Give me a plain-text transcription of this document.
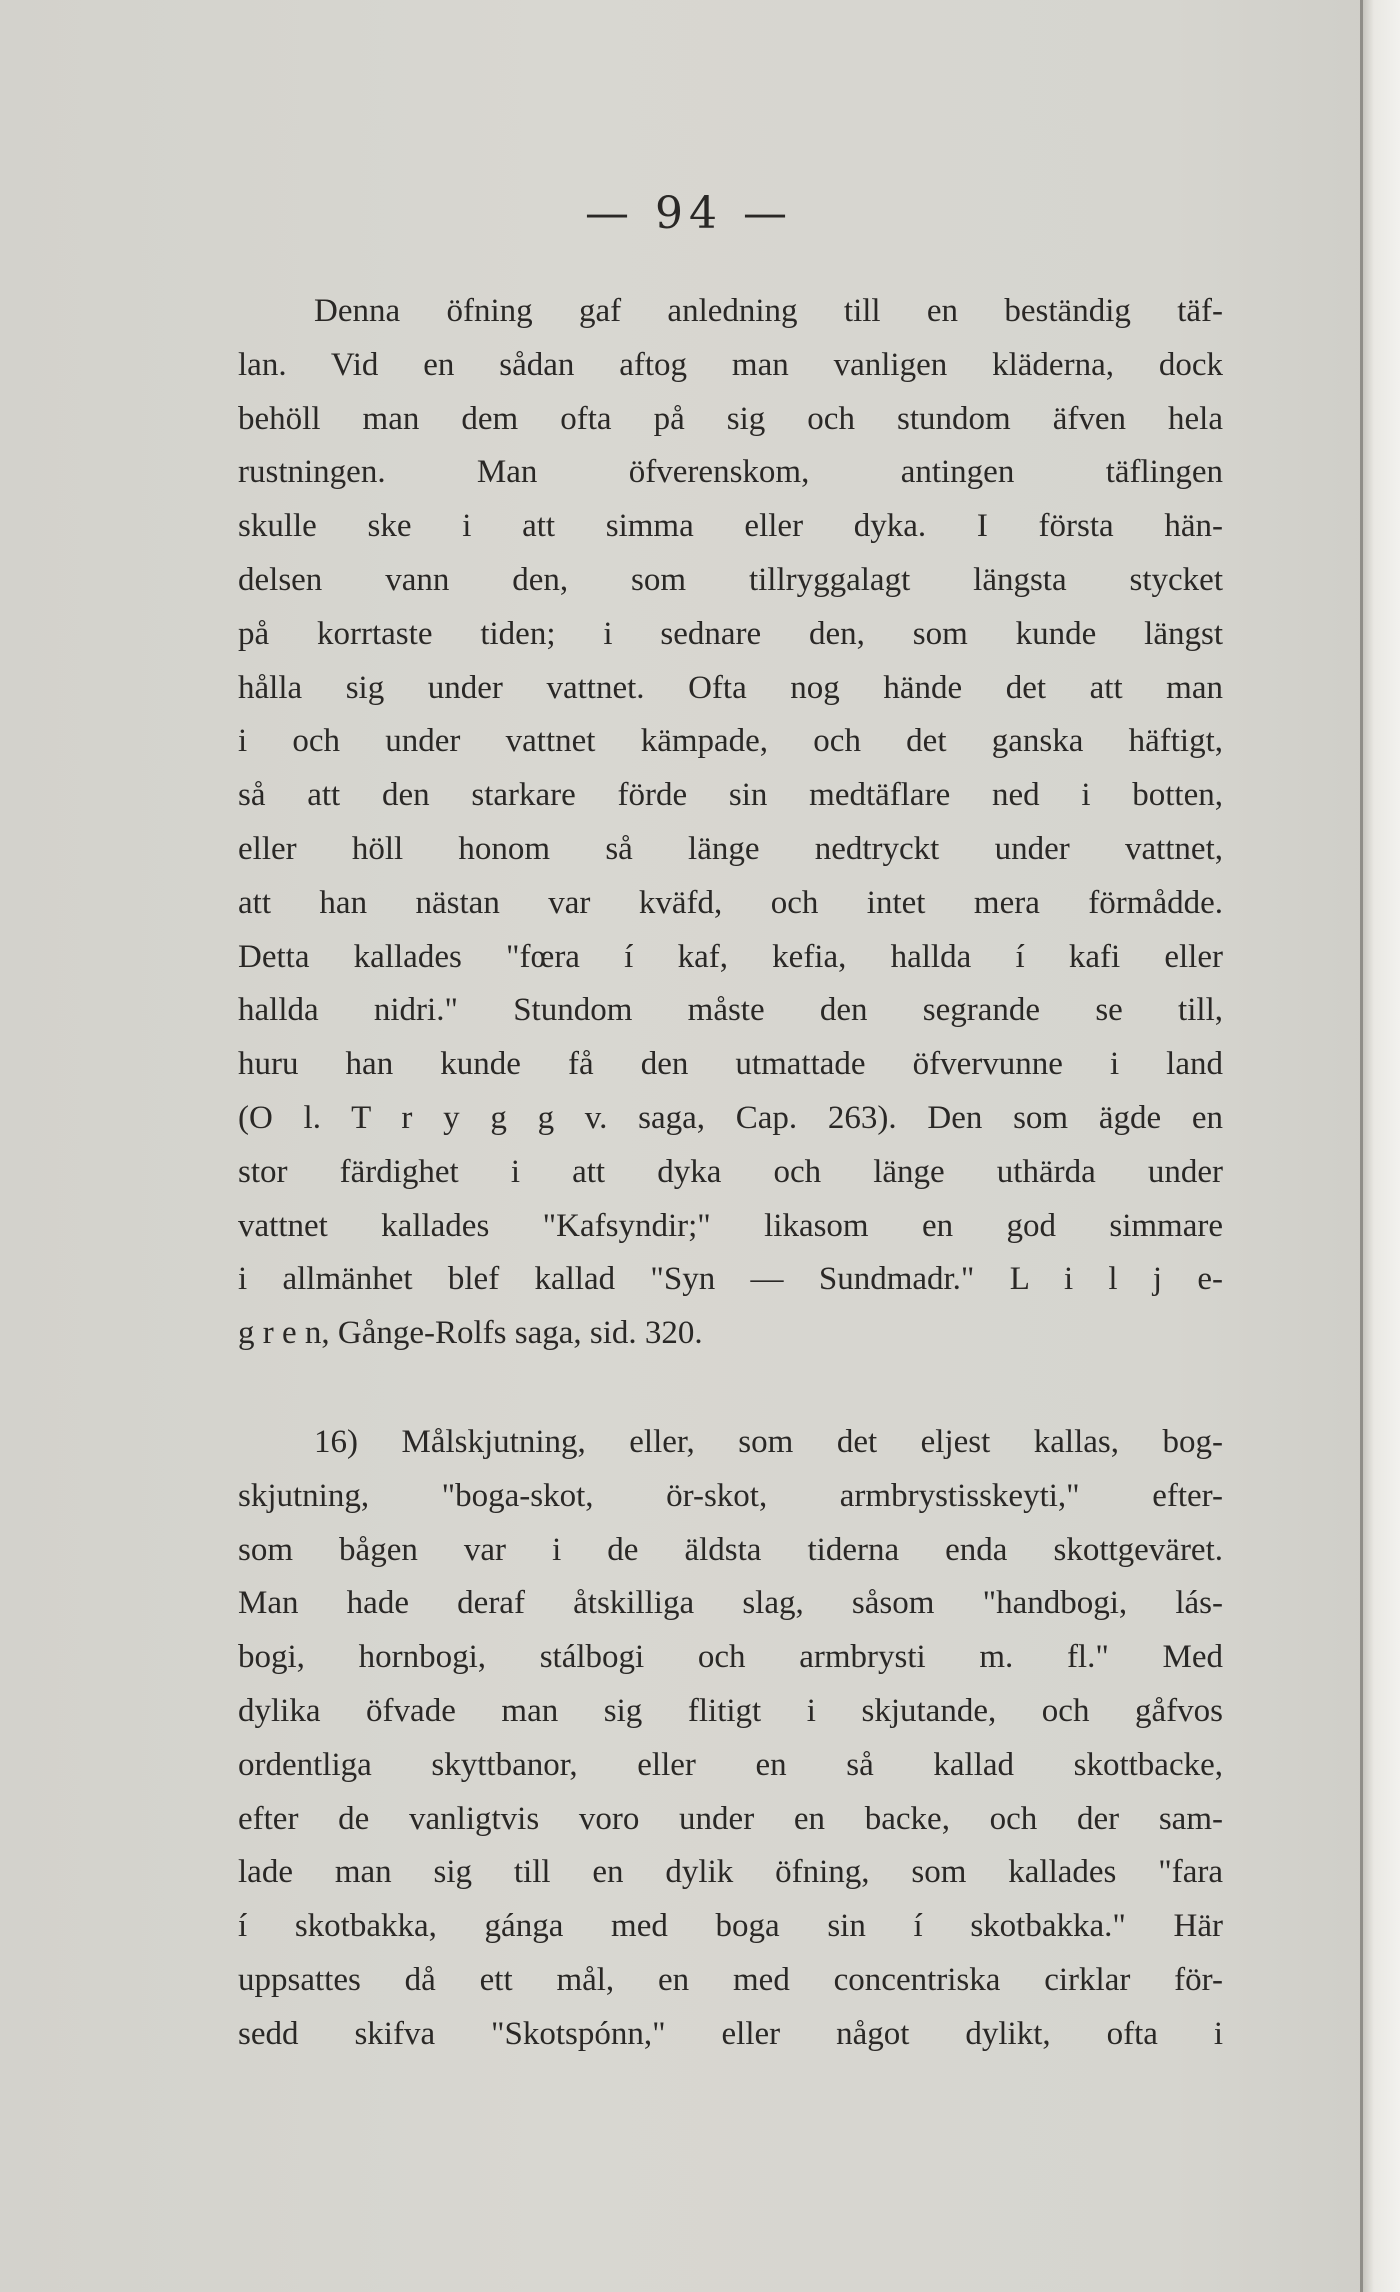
— 94 —
Denna öfning gaf anledning till en beständig täf-
lan. Vid en sådan aftog man vanligen kläderna, dock
behöll man dem ofta på sig och stundom äfven hela
rustningen. Man öfverenskom, antingen täflingen
skulle ske i att simma eller dyka. I första hän-
delsen vann den, som tillryggalagt längsta stycket
på korrtaste tiden; i sednare den, som kunde längst
hålla sig under vattnet. Ofta nog hände det att man
i och under vattnet kämpade, och det ganska häftigt,
så att den starkare förde sin medtäflare ned i botten,
eller höll honom så länge nedtryckt under vattnet,
att han nästan var kväfd, och intet mera förmådde.
Detta kallades "fœra í kaf, kefia, hallda í kafi eller
hallda nidri." Stundom måste den segrande se till,
huru han kunde få den utmattade öfvervunne i land
(O l. T r y g g v. saga, Cap. 263). Den som ägde en
stor färdighet i att dyka och länge uthärda under
vattnet kallades "Kafsyndir;" likasom en god simmare
i allmänhet blef kallad "Syn — Sundmadr." L i l j e-
g r e n, Gånge-Rolfs saga, sid. 320.
16) Målskjutning, eller, som det eljest kallas, bog-
skjutning, "boga-skot, ör-skot, armbrystisskeyti," efter-
som bågen var i de äldsta tiderna enda skottgeväret.
Man hade deraf åtskilliga slag, såsom "handbogi, lás-
bogi, hornbogi, stálbogi och armbrysti m. fl." Med
dylika öfvade man sig flitigt i skjutande, och gåfvos
ordentliga skyttbanor, eller en så kallad skottbacke,
efter de vanligtvis voro under en backe, och der sam-
lade man sig till en dylik öfning, som kallades "fara
í skotbakka, gánga med boga sin í skotbakka." Här
uppsattes då ett mål, en med concentriska cirklar för-
sedd skifva "Skotspónn," eller något dylikt, ofta i
